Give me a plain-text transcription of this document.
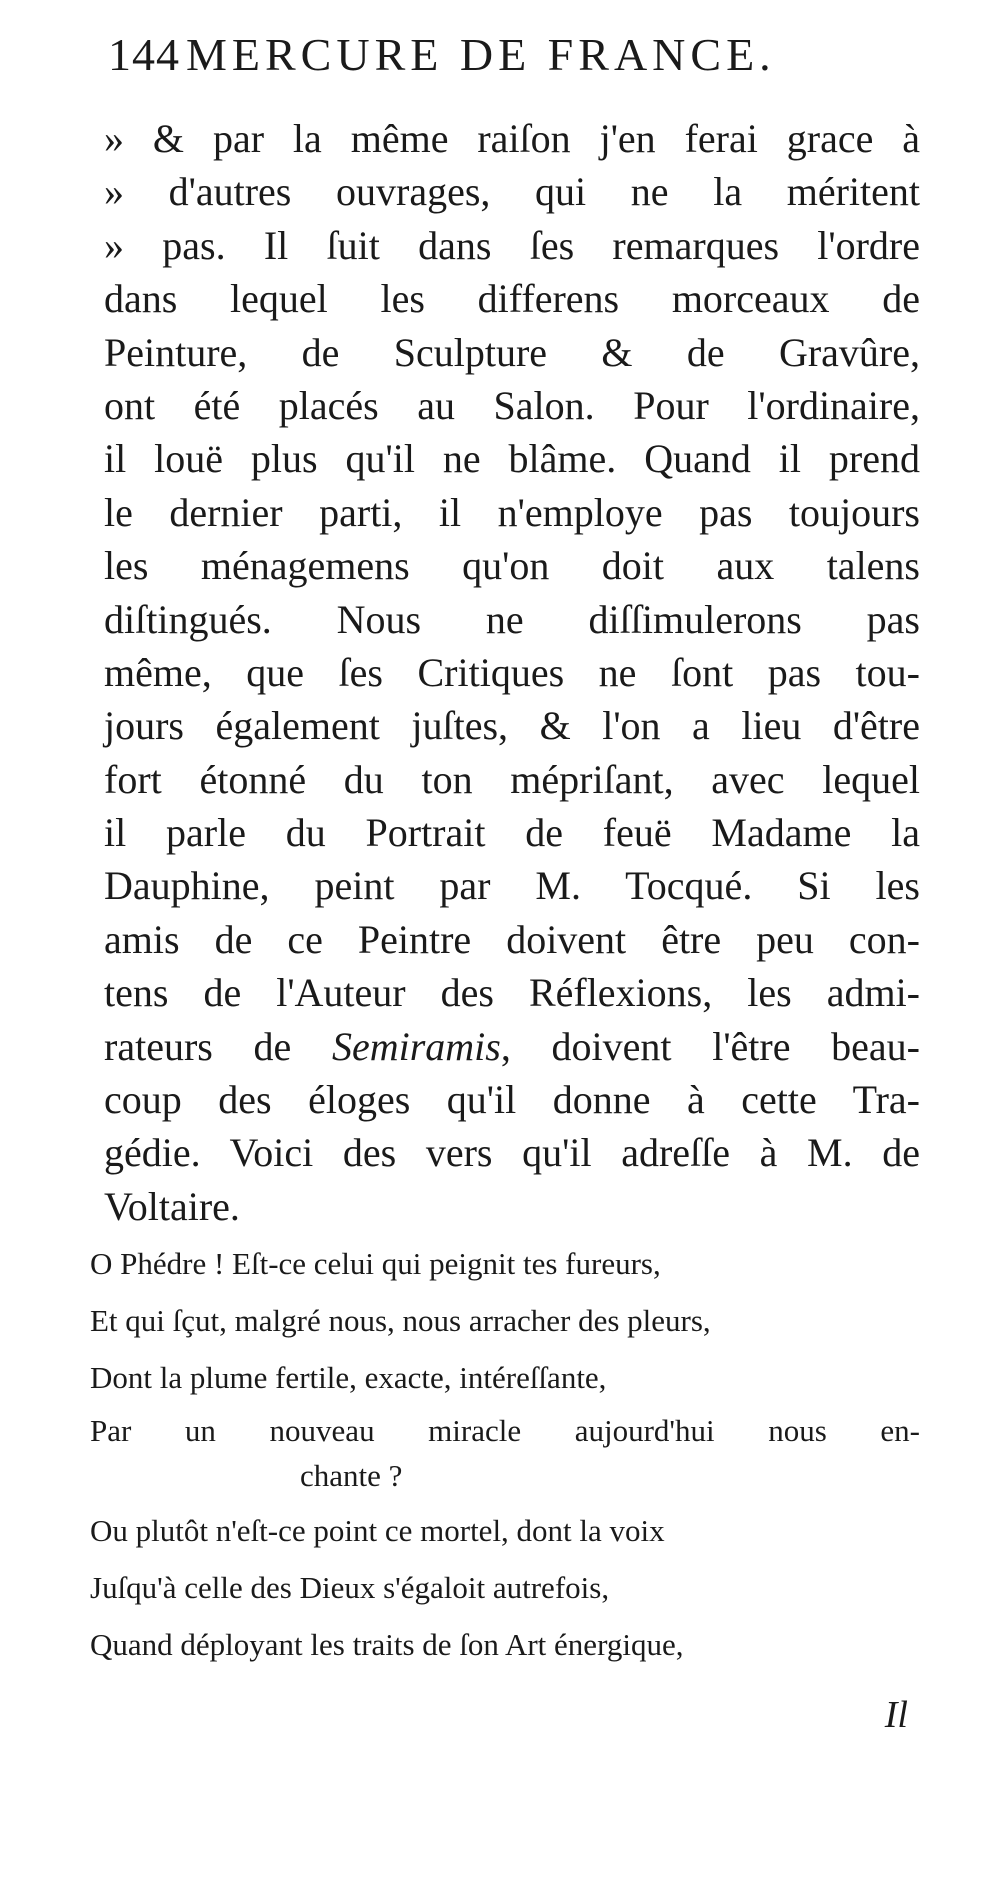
144 MERCURE DE FRANCE.
» & par la même raiſon j'en ferai grace à
» d'autres ouvrages, qui ne la méritent
» pas. Il ſuit dans ſes remarques l'ordre
dans lequel les differens morceaux de
Peinture, de Sculpture & de Gravûre,
ont été placés au Salon. Pour l'ordinaire,
il louë plus qu'il ne blâme. Quand il prend
le dernier parti, il n'employe pas toujours
les ménagemens qu'on doit aux talens
diſtingués. Nous ne diſſimulerons pas
même, que ſes Critiques ne ſont pas tou-
jours également juſtes, & l'on a lieu d'être
fort étonné du ton mépriſant, avec lequel
il parle du Portrait de feuë Madame la
Dauphine, peint par M. Tocqué. Si les
amis de ce Peintre doivent être peu con-
tens de l'Auteur des Réflexions, les admi-
rateurs de Semiramis, doivent l'être beau-
coup des éloges qu'il donne à cette Tra-
gédie. Voici des vers qu'il adreſſe à M. de
Voltaire.
O Phédre ! Eſt-ce celui qui peignit tes fureurs,
Et qui ſçut, malgré nous, nous arracher des pleurs,
Dont la plume fertile, exacte, intéreſſante,
Par un nouveau miracle aujourd'hui nous en-
chante ?
Ou plutôt n'eſt-ce point ce mortel, dont la voix
Juſqu'à celle des Dieux s'égaloit autrefois,
Quand déployant les traits de ſon Art énergique,
Il
